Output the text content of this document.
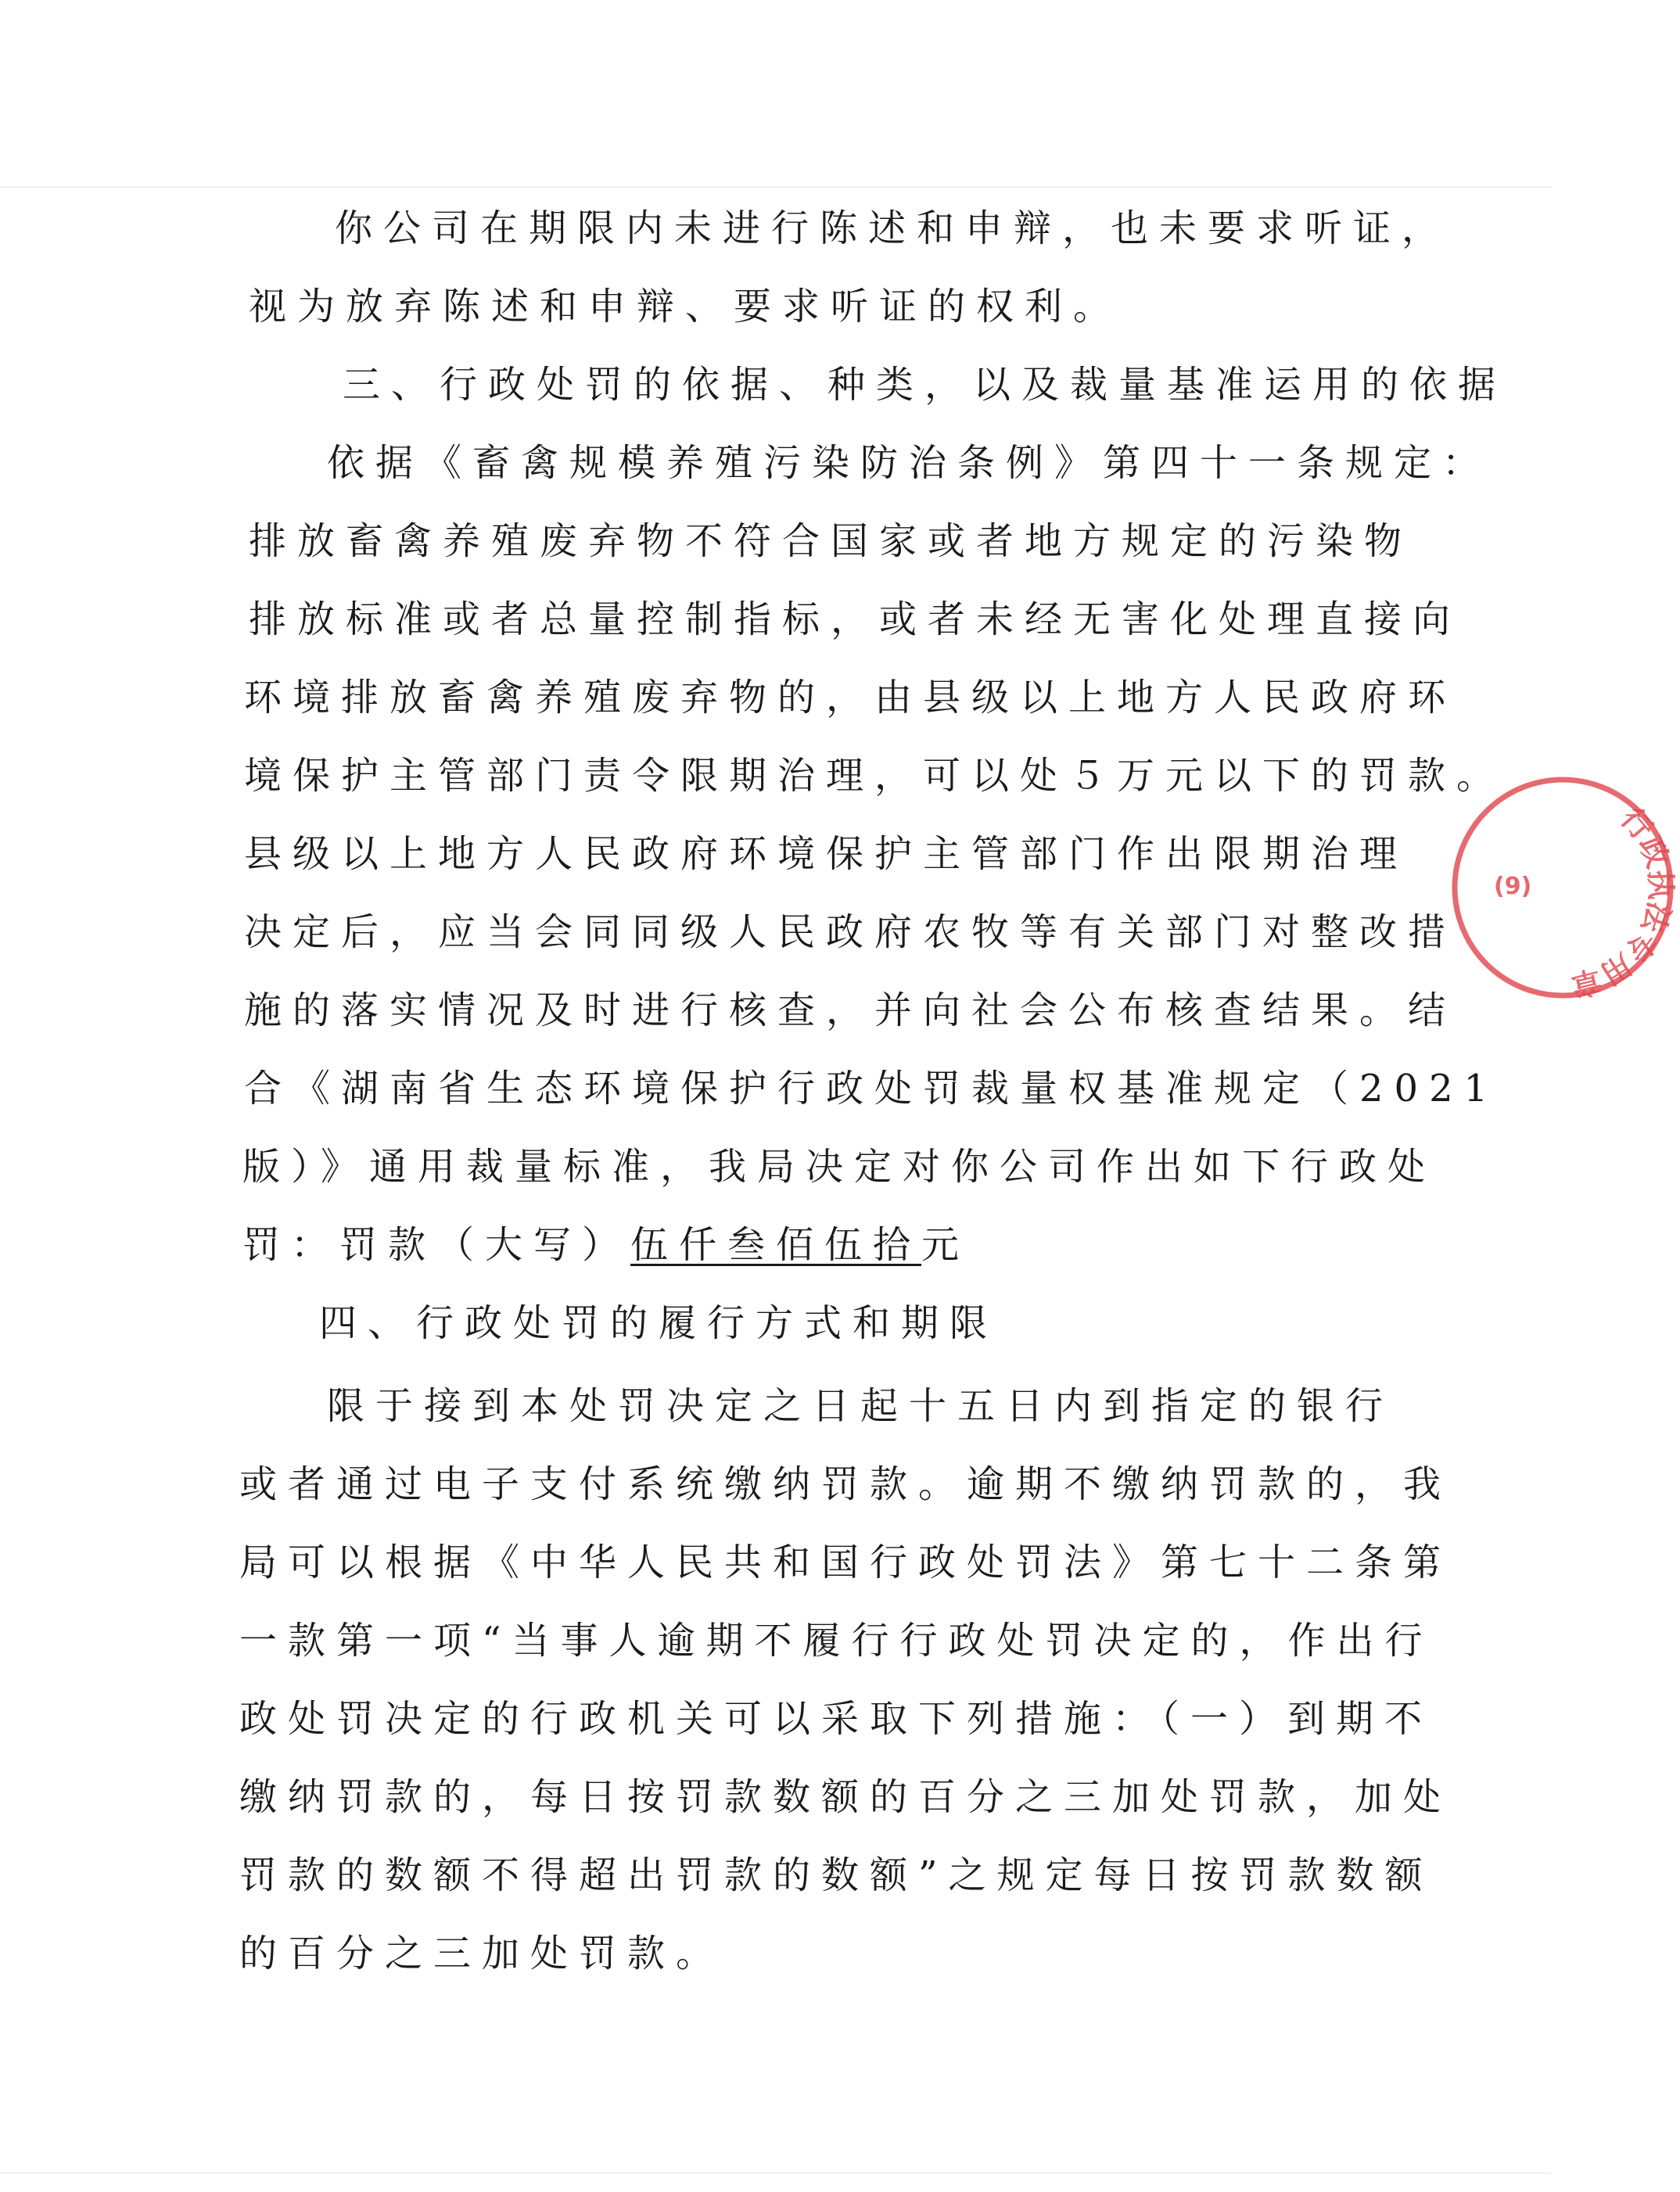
你公司在期限内未进行陈述和申辩，也未要求听证，
视为放弃陈述和申辩、要求听证的权利。
三、行政处罚的依据、种类，以及裁量基准运用的依据
依据《畜禽规模养殖污染防治条例》第四十一条规定：
排放畜禽养殖废弃物不符合国家或者地方规定的污染物
排放标准或者总量控制指标，或者未经无害化处理直接向
环境排放畜禽养殖废弃物的，由县级以上地方人民政府环
境保护主管部门责令限期治理，可以处５万元以下的罚款。
县级以上地方人民政府环境保护主管部门作出限期治理
决定后，应当会同同级人民政府农牧等有关部门对整改措
施的落实情况及时进行核查，并向社会公布核查结果。结
合《湖南省生态环境保护行政处罚裁量权基准规定（2021
版）》通用裁量标准，我局决定对你公司作出如下行政处
罚：罚款（大写）伍仟叁佰伍拾元
四、行政处罚的履行方式和期限
限于接到本处罚决定之日起十五日内到指定的银行
或者通过电子支付系统缴纳罚款。逾期不缴纳罚款的，我
局可以根据《中华人民共和国行政处罚法》第七十二条第
一款第一项“当事人逾期不履行行政处罚决定的，作出行
政处罚决定的行政机关可以采取下列措施：（一）到期不
缴纳罚款的，每日按罚款数额的百分之三加处罚款，加处
罚款的数额不得超出罚款的数额”之规定每日按罚款数额
的百分之三加处罚款。
行政执法专用章
(9)
